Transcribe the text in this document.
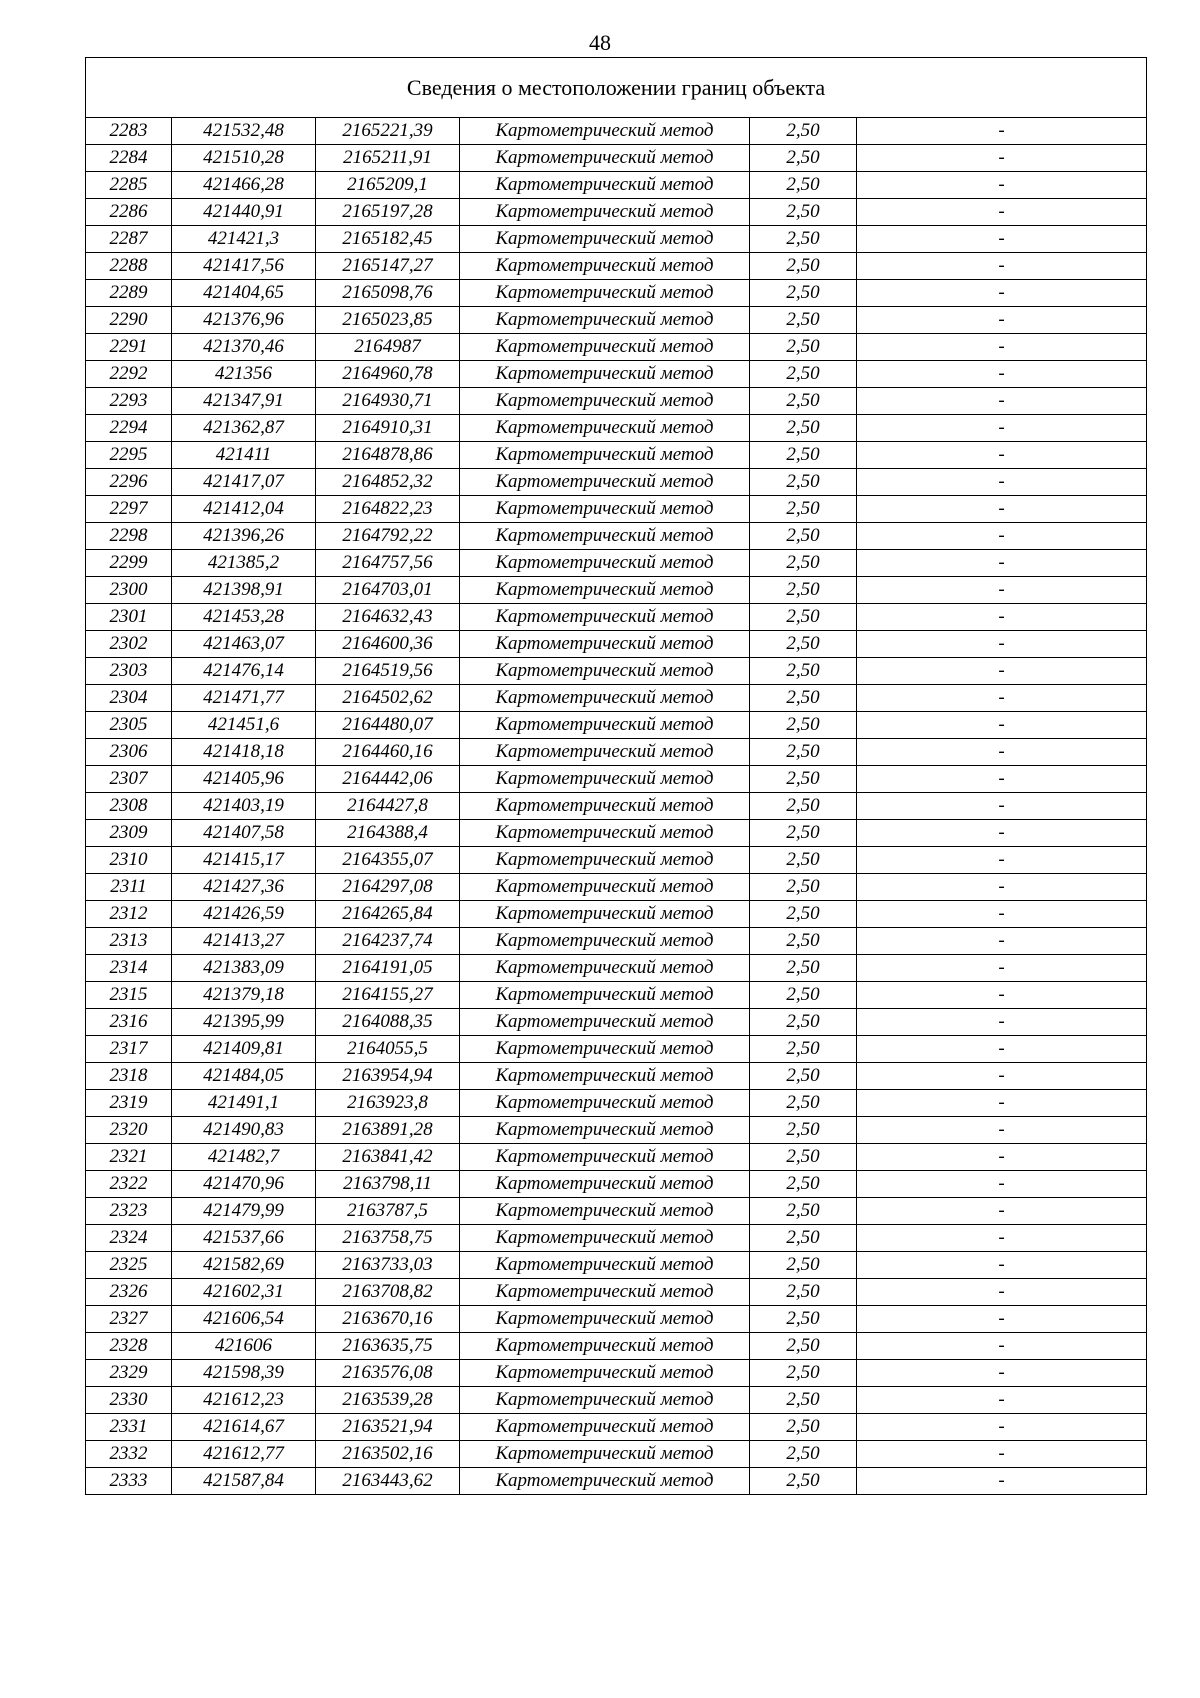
48
Сведения о местоположении границ объекта					
2283	421532,48	2165221,39	Картометрический метод	2,50	-
2284	421510,28	2165211,91	Картометрический метод	2,50	-
2285	421466,28	2165209,1	Картометрический метод	2,50	-
2286	421440,91	2165197,28	Картометрический метод	2,50	-
2287	421421,3	2165182,45	Картометрический метод	2,50	-
2288	421417,56	2165147,27	Картометрический метод	2,50	-
2289	421404,65	2165098,76	Картометрический метод	2,50	-
2290	421376,96	2165023,85	Картометрический метод	2,50	-
2291	421370,46	2164987	Картометрический метод	2,50	-
2292	421356	2164960,78	Картометрический метод	2,50	-
2293	421347,91	2164930,71	Картометрический метод	2,50	-
2294	421362,87	2164910,31	Картометрический метод	2,50	-
2295	421411	2164878,86	Картометрический метод	2,50	-
2296	421417,07	2164852,32	Картометрический метод	2,50	-
2297	421412,04	2164822,23	Картометрический метод	2,50	-
2298	421396,26	2164792,22	Картометрический метод	2,50	-
2299	421385,2	2164757,56	Картометрический метод	2,50	-
2300	421398,91	2164703,01	Картометрический метод	2,50	-
2301	421453,28	2164632,43	Картометрический метод	2,50	-
2302	421463,07	2164600,36	Картометрический метод	2,50	-
2303	421476,14	2164519,56	Картометрический метод	2,50	-
2304	421471,77	2164502,62	Картометрический метод	2,50	-
2305	421451,6	2164480,07	Картометрический метод	2,50	-
2306	421418,18	2164460,16	Картометрический метод	2,50	-
2307	421405,96	2164442,06	Картометрический метод	2,50	-
2308	421403,19	2164427,8	Картометрический метод	2,50	-
2309	421407,58	2164388,4	Картометрический метод	2,50	-
2310	421415,17	2164355,07	Картометрический метод	2,50	-
2311	421427,36	2164297,08	Картометрический метод	2,50	-
2312	421426,59	2164265,84	Картометрический метод	2,50	-
2313	421413,27	2164237,74	Картометрический метод	2,50	-
2314	421383,09	2164191,05	Картометрический метод	2,50	-
2315	421379,18	2164155,27	Картометрический метод	2,50	-
2316	421395,99	2164088,35	Картометрический метод	2,50	-
2317	421409,81	2164055,5	Картометрический метод	2,50	-
2318	421484,05	2163954,94	Картометрический метод	2,50	-
2319	421491,1	2163923,8	Картометрический метод	2,50	-
2320	421490,83	2163891,28	Картометрический метод	2,50	-
2321	421482,7	2163841,42	Картометрический метод	2,50	-
2322	421470,96	2163798,11	Картометрический метод	2,50	-
2323	421479,99	2163787,5	Картометрический метод	2,50	-
2324	421537,66	2163758,75	Картометрический метод	2,50	-
2325	421582,69	2163733,03	Картометрический метод	2,50	-
2326	421602,31	2163708,82	Картометрический метод	2,50	-
2327	421606,54	2163670,16	Картометрический метод	2,50	-
2328	421606	2163635,75	Картометрический метод	2,50	-
2329	421598,39	2163576,08	Картометрический метод	2,50	-
2330	421612,23	2163539,28	Картометрический метод	2,50	-
2331	421614,67	2163521,94	Картометрический метод	2,50	-
2332	421612,77	2163502,16	Картометрический метод	2,50	-
2333	421587,84	2163443,62	Картометрический метод	2,50	-
